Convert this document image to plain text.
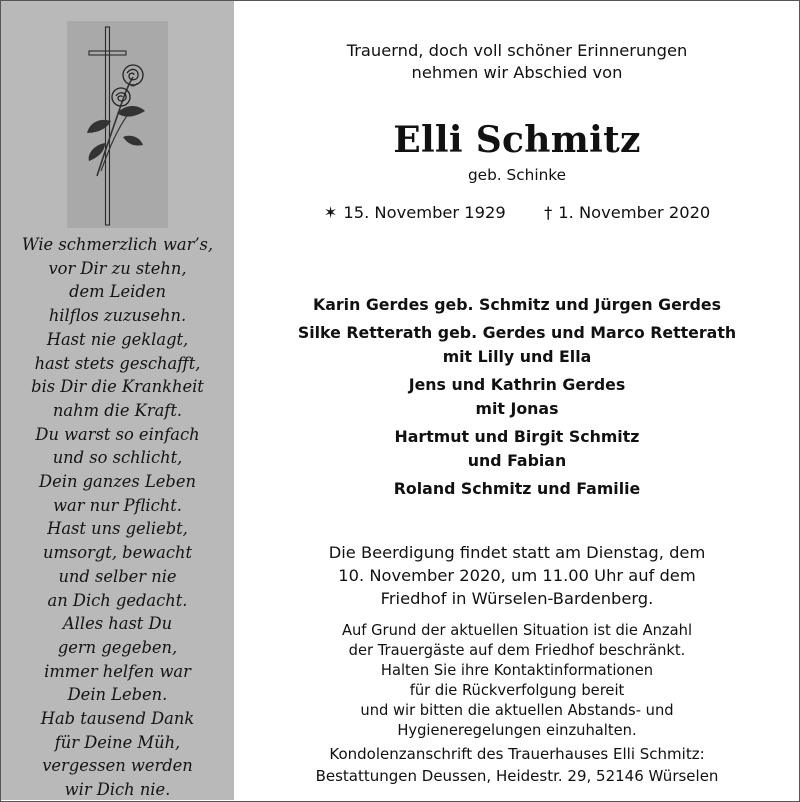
Wie schmerzlich war’s,
vor Dir zu stehn,
dem Leiden
hilflos zuzusehn.
Hast nie geklagt,
hast stets geschafft,
bis Dir die Krankheit
nahm die Kraft.
Du warst so einfach
und so schlicht,
Dein ganzes Leben
war nur Pflicht.
Hast uns geliebt,
umsorgt, bewacht
und selber nie
an Dich gedacht.
Alles hast Du
gern gegeben,
immer helfen war
Dein Leben.
Hab tausend Dank
für Deine Müh,
vergessen werden
wir Dich nie.
Trauernd, doch voll schöner Erinnerungen
nehmen wir Abschied von
Elli Schmitz
geb. Schinke
✶ 15. November 1929 † 1. November 2020
Karin Gerdes geb. Schmitz und Jürgen Gerdes
Silke Retterath geb. Gerdes und Marco Retterath
mit Lilly und Ella
Jens und Kathrin Gerdes
mit Jonas
Hartmut und Birgit Schmitz
und Fabian
Roland Schmitz und Familie
Die Beerdigung findet statt am Dienstag, dem
10. November 2020, um 11.00 Uhr auf dem
Friedhof in Würselen-Bardenberg.
Auf Grund der aktuellen Situation ist die Anzahl
der Trauergäste auf dem Friedhof beschränkt.
Halten Sie ihre Kontaktinformationen
für die Rückverfolgung bereit
und wir bitten die aktuellen Abstands- und
Hygieneregelungen einzuhalten.
Kondolenzanschrift des Trauerhauses Elli Schmitz:
Bestattungen Deussen, Heidestr. 29, 52146 Würselen
